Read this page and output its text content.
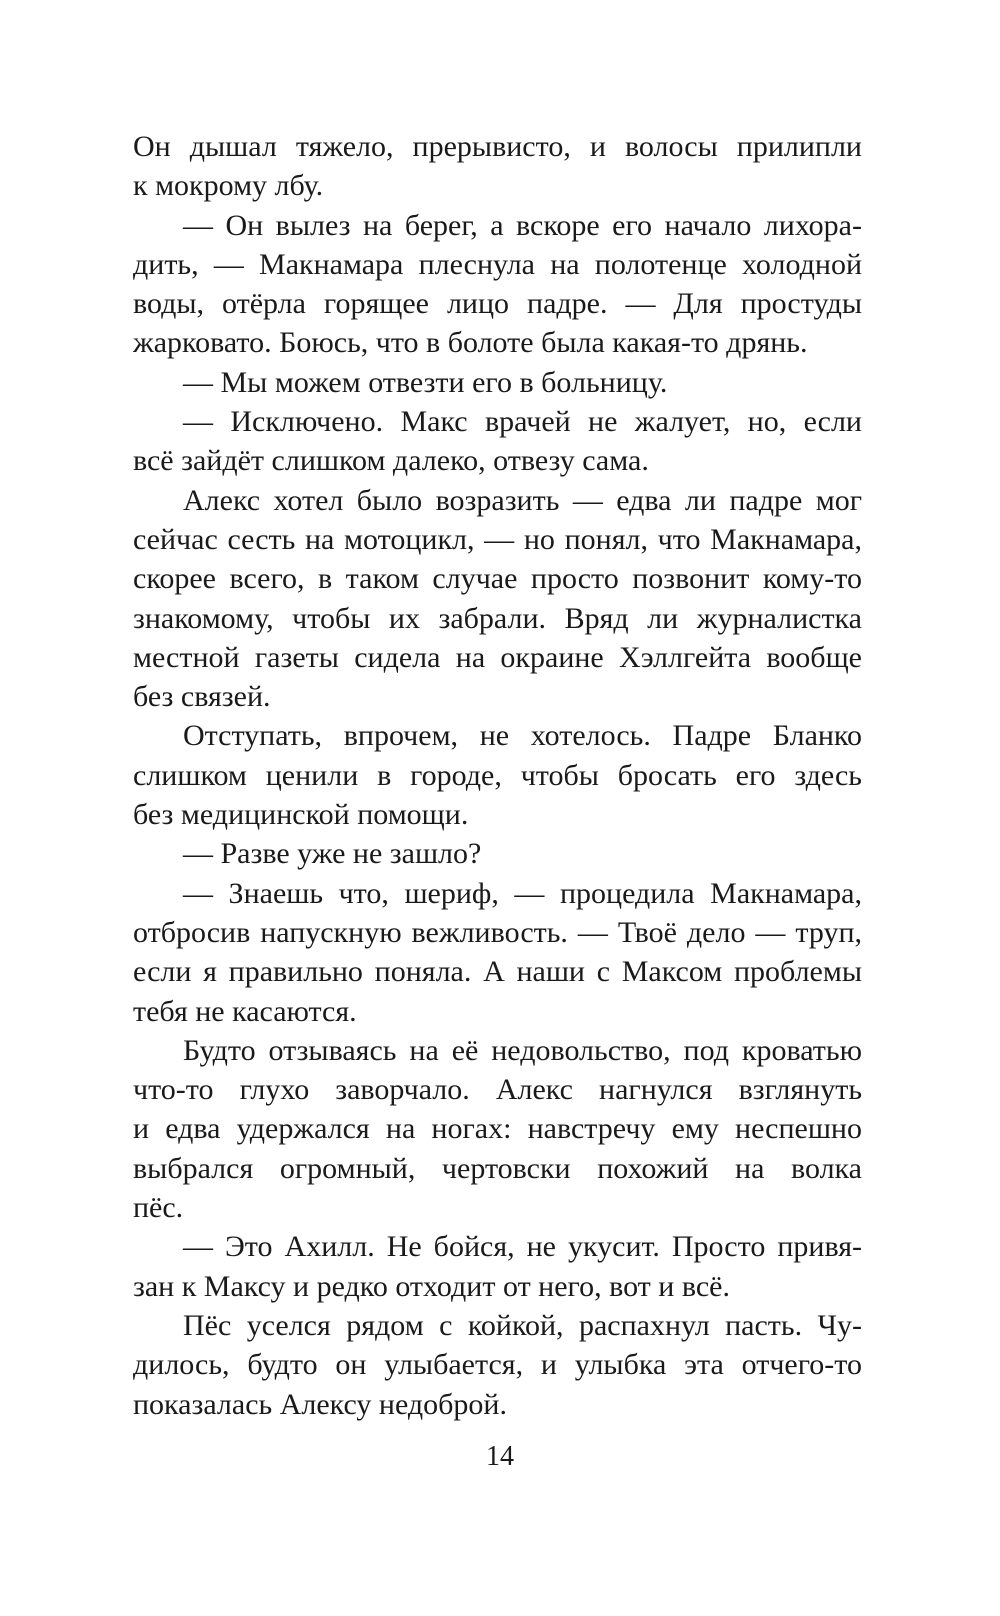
Он дышал тяжело, прерывисто, и волосы прилипли
к мокрому лбу.
— Он вылез на берег, а вскоре его начало лихора-
дить, — Макнамара плеснула на полотенце холодной
воды, отёрла горящее лицо падре. — Для простуды
жарковато. Боюсь, что в болоте была какая-то дрянь.
— Мы можем отвезти его в больницу.
— Исключено. Макс врачей не жалует, но, если
всё зайдёт слишком далеко, отвезу сама.
Алекс хотел было возразить — едва ли падре мог
сейчас сесть на мотоцикл, — но понял, что Макнамара,
скорее всего, в таком случае просто позвонит кому-то
знакомому, чтобы их забрали. Вряд ли журналистка
местной газеты сидела на окраине Хэллгейта вообще
без связей.
Отступать, впрочем, не хотелось. Падре Бланко
слишком ценили в городе, чтобы бросать его здесь
без медицинской помощи.
— Разве уже не зашло?
— Знаешь что, шериф, — процедила Макнамара,
отбросив напускную вежливость. — Твоё дело — труп,
если я правильно поняла. А наши с Максом проблемы
тебя не касаются.
Будто отзываясь на её недовольство, под кроватью
что-то глухо заворчало. Алекс нагнулся взглянуть
и едва удержался на ногах: навстречу ему неспешно
выбрался огромный, чертовски похожий на волка
пёс.
— Это Ахилл. Не бойся, не укусит. Просто привя-
зан к Максу и редко отходит от него, вот и всё.
Пёс уселся рядом с койкой, распахнул пасть. Чу-
дилось, будто он улыбается, и улыбка эта отчего-то
показалась Алексу недоброй.
14
